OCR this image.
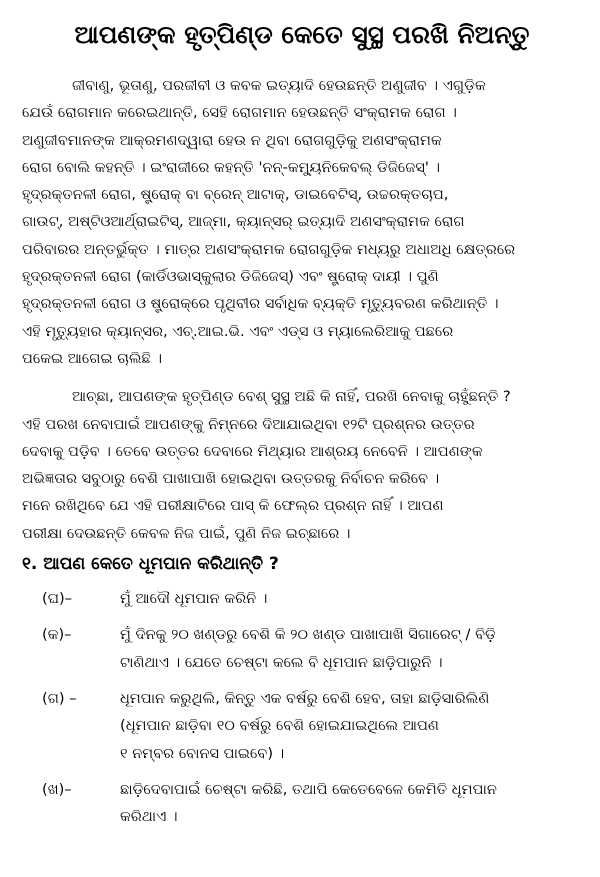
ଆପଣଙ୍କ ହୃତ୍‌ପିଣ୍ଡ କେତେ ସୁସ୍ଥ ପରଖି ନିଅନ୍ତୁ
ଜୀବାଣୁ, ଭୂତାଣୁ, ପରଜୀବୀ ଓ କବକ ଇତ୍ୟାଦି ହେଉଛନ୍ତି ଅଣୁଜୀବ । ଏଗୁଡ଼ିକ
ଯେଉଁ ରୋଗମାନ କରେଇଥାନ୍ତି, ସେହି ରୋଗମାନ ହେଉଛନ୍ତି ସଂକ୍ରାମକ ରୋଗ ।
ଅଣୁଜୀବମାନଙ୍କ ଆକ୍ରମଣଦ୍ୱାରା ହେଉ ନ ଥିବା ରୋଗଗୁଡ଼ିକୁ ଅଣସଂକ୍ରାମକ
ରୋଗ ବୋଲି କହନ୍ତି । ଇଂରାଜୀରେ କହନ୍ତି 'ନନ୍‌-କମ୍ୟୁନିକେବଲ୍ ଡିଜିଜେସ୍' ।
ହୃଦ୍‌ରକ୍ତନଳୀ ରୋଗ, ଷ୍ଟ୍ରୋକ୍ ବା ବ୍ରେନ୍ ଆଟାକ୍, ଡାଇବେଟିସ୍, ଉଚ୍ଚରକ୍ତଚାପ,
ଗାଉଟ୍, ଅଷ୍ଟିଓଆର୍ଥ୍ରାଇଟିସ୍, ଆଜ୍ମା, କ୍ୟାନ୍‌ସର୍ ଇତ୍ୟାଦି ଅଣସଂକ୍ରାମକ ରୋଗ
ପରିବାରର ଅନ୍ତର୍ଭୁକ୍ତ । ମାତ୍ର ଅଣସଂକ୍ରାମକ ରୋଗଗୁଡ଼ିକ ମଧ୍ୟରୁ ଅଧାଅଧି କ୍ଷେତ୍ରରେ
ହୃଦ୍‌ରକ୍ତନଳୀ ରୋଗ (କାର୍ଡିଓଭାସ୍କୁଲାର ଡିଜିଜେସ୍) ଏବଂ ଷ୍ଟ୍ରୋକ୍ ଦାୟୀ । ପୁଣି
ହୃଦ୍‌ରକ୍ତନଳୀ ରୋଗ ଓ ଷ୍ଟ୍ରୋକ୍‌ରେ ପୃଥିବୀର ସର୍ବାଧିକ ବ୍ୟକ୍ତି ମୃତ୍ୟୁବରଣ କରିଥାନ୍ତି ।
ଏହି ମୃତ୍ୟୁହାର କ୍ୟାନ୍‌ସର, ଏଚ୍.ଆଇ.ଭି. ଏବଂ ଏଡ୍‌ସ ଓ ମ୍ୟାଲେରିଆକୁ ପଛରେ
ପକେଇ ଆଗେଇ ଚାଲିଛି ।
ଆଚ୍ଛା, ଆପଣଙ୍କ ହୃତ୍‌ପିଣ୍ଡ ବେଶ୍ ସୁସ୍ଥ ଅଛି କି ନାହିଁ, ପରଖି ନେବାକୁ ଚାହୁଁଛନ୍ତି ?
ଏହି ପରଖ ନେବାପାଇଁ ଆପଣଙ୍କୁ ନିମ୍ନରେ ଦିଆଯାଇଥିବା ୧୨ଟି ପ୍ରଶ୍ନର ଉତ୍ତର
ଦେବାକୁ ପଡ଼ିବ । ତେବେ ଉତ୍ତର ଦେବାରେ ମିଥ୍ୟାର ଆଶ୍ରୟ ନେବେନି । ଆପଣଙ୍କ
ଅଭିଜ୍ଞତାର ସବୁଠାରୁ ବେଶି ପାଖାପାଖି ହୋଇଥିବା ଉତ୍ତରକୁ ନିର୍ବାଚନ କରିବେ ।
ମନେ ରଖିଥିବେ ଯେ ଏହି ପରୀକ୍ଷାଟିରେ ପାସ୍ କି ଫେଲ୍‌ର ପ୍ରଶ୍ନ ନାହିଁ । ଆପଣ
ପରୀକ୍ଷା ଦେଉଛନ୍ତି କେବଳ ନିଜ ପାଇଁ, ପୁଣି ନିଜ ଇଚ୍ଛାରେ ।
୧. ଆପଣ କେତେ ଧୂମପାନ କରିଥାନ୍ତି ?
(ଘ)–	ମୁଁ ଆଦୌ ଧୂମପାନ କରିନି ।
(କ)–	ମୁଁ ଦିନକୁ ୨୦ ଖଣ୍ଡରୁ ବେଶି କି ୨୦ ଖଣ୍ଡ ପାଖାପାଖି ସିଗାରେଟ୍ / ବିଡ଼ି
ଟାଣିଥାଏ । ଯେତେ ଚେଷ୍ଟା କଲେ ବି ଧୂମପାନ ଛାଡ଼ିପାରୁନି ।
(ଗ) –	ଧୂମପାନ କରୁଥିଲି, କିନ୍ତୁ ଏକ ବର୍ଷରୁ ବେଶି ହେବ, ତାହା ଛାଡ଼ିସାରିଲିଣି
(ଧୂମପାନ ଛାଡ଼ିବା ୧୦ ବର୍ଷରୁ ବେଶି ହୋଇଯାଇଥିଲେ ଆପଣ
୧ ନମ୍ବର ବୋନସ ପାଇବେ) ।
(ଖ)–	ଛାଡ଼ିଦେବାପାଇଁ ଚେଷ୍ଟା କରିଛି, ତଥାପି କେତେବେଳେ କେମିତି ଧୂମପାନ
କରିଥାଏ ।
